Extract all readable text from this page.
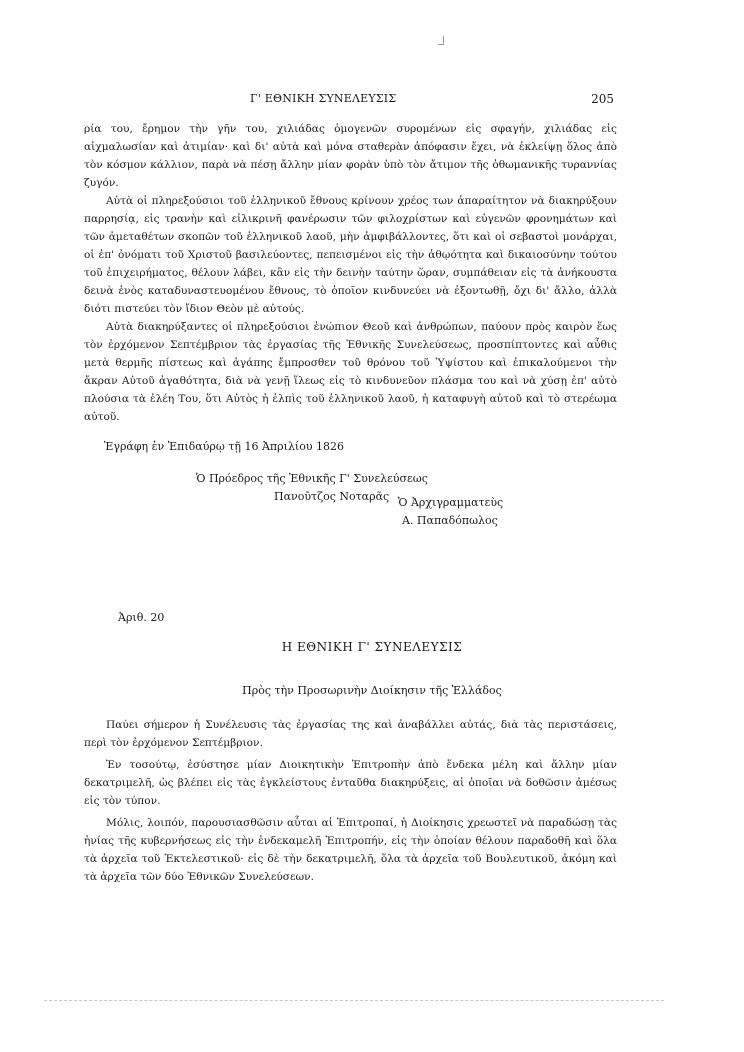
Γ' ΕΘΝΙΚΗ ΣΥΝΕΛΕΥΣΙΣ	205

ρία του, ἔρημον τὴν γῆν του, χιλιάδας ὁμογενῶν συρομένων εἰς σφαγήν, χιλιάδας εἰς αἰχμαλωσίαν καὶ ἀτιμίαν· καὶ δι' αὐτὰ καὶ μόνα σταθερὰν ἀπόφασιν ἔχει, νὰ ἐκλείψῃ ὅλος ἀπὸ τὸν κόσμον κάλλιον, παρὰ νὰ πέσῃ ἄλλην μίαν φορὰν ὑπὸ τὸν ἄτιμον τῆς ὀθωμανικῆς τυραννίας ζυγόν.

Αὐτὰ οἱ πληρεξούσιοι τοῦ ἑλληνικοῦ ἔθνους κρίνουν χρέος των ἀπαραίτητον νὰ διακηρύξουν παρρησίᾳ, εἰς τρανὴν καὶ εἰλικρινῆ φανέρωσιν τῶν φιλοχρίστων καὶ εὐγενῶν φρονημάτων καὶ τῶν ἀμεταθέτων σκοπῶν τοῦ ἑλληνικοῦ λαοῦ, μὴν ἀμφιβάλλοντες, ὅτι καὶ οἱ σεβαστοὶ μονάρχαι, οἱ ἐπ' ὀνόματι τοῦ Χριστοῦ βασιλεύοντες, πεπεισμένοι εἰς τὴν ἀθῳότητα καὶ δικαιοσύνην τούτου τοῦ ἐπιχειρήματος, θέλουν λάβει, κἂν εἰς τὴν δεινὴν ταύτην ὥραν, συμπάθειαν εἰς τὰ ἀνήκουστα δεινὰ ἑνὸς καταδυναστευομένου ἔθνους, τὸ ὁποῖον κινδυνεύει νὰ ἐξοντωθῇ, ὄχι δι' ἄλλο, ἀλλὰ διότι πιστεύει τὸν ἴδιον Θεὸν μὲ αὐτούς.

Αὐτὰ διακηρύξαντες οἱ πληρεξούσιοι ἐνώπιον Θεοῦ καὶ ἀνθρώπων, παύουν πρὸς καιρὸν ἕως τὸν ἐρχόμενον Σεπτέμβριον τὰς ἐργασίας τῆς Ἐθνικῆς Συνελεύσεως, προσπίπτοντες καὶ αὖθις μετὰ θερμῆς πίστεως καὶ ἀγάπης ἔμπροσθεν τοῦ θρόνου τοῦ Ὑψίστου καὶ ἐπικαλούμενοι τὴν ἄκραν Αὐτοῦ ἀγαθότητα, διὰ νὰ γενῇ ἵλεως εἰς τὸ κινδυνεῦον πλάσμα του καὶ νὰ χύσῃ ἐπ' αὐτὸ πλούσια τὰ ἐλέη Του, ὅτι Αὐτὸς ἡ ἐλπὶς τοῦ ἑλληνικοῦ λαοῦ, ἡ καταφυγὴ αὐτοῦ καὶ τὸ στερέωμα αὐτοῦ.

Ἐγράφη ἐν Ἐπιδαύρῳ τῇ 16 Ἀπριλίου 1826
Ὁ Πρόεδρος τῆς Ἐθνικῆς Γ' Συνελεύσεως
Πανοῦτζος Νοταρᾶς Ὁ Ἀρχιγραμματεὺς
Α. Παπαδόπωλος
Ἀριθ. 20
Η ΕΘΝΙΚΗ Γ' ΣΥΝΕΛΕΥΣΙΣ
Πρὸς τὴν Προσωρινὴν Διοίκησιν τῆς Ἑλλάδος

Παύει σήμερον ἡ Συνέλευσις τὰς ἐργασίας της καὶ ἀναβάλλει αὐτάς, διὰ τὰς περιστάσεις, περὶ τὸν ἐρχόμενον Σεπτέμβριον.

Ἐν τοσούτῳ, ἐσύστησε μίαν Διοικητικὴν Ἐπιτροπὴν ἀπὸ ἕνδεκα μέλη καὶ ἄλλην μίαν δεκατριμελῆ, ὡς βλέπει εἰς τὰς ἐγκλείστους ἐνταῦθα διακηρύξεις, αἱ ὁποῖαι νὰ δοθῶσιν ἀμέσως εἰς τὸν τύπον.

Μόλις, λοιπόν, παρουσιασθῶσιν αὗται αἱ Ἐπιτροπαί, ἡ Διοίκησις χρεωστεῖ νὰ παραδώσῃ τὰς ἡνίας τῆς κυβερνήσεως εἰς τὴν ἑνδεκαμελῆ Ἐπιτροπήν, εἰς τὴν ὁποίαν θέλουν παραδοθῆ καὶ ὅλα τὰ ἀρχεῖα τοῦ Ἐκτελεστικοῦ· εἰς δὲ τὴν δεκατριμελῆ, ὅλα τὰ ἀρχεῖα τοῦ Βουλευτικοῦ, ἀκόμη καὶ τὰ ἀρχεῖα τῶν δύο Ἐθνικῶν Συνελεύσεων.
